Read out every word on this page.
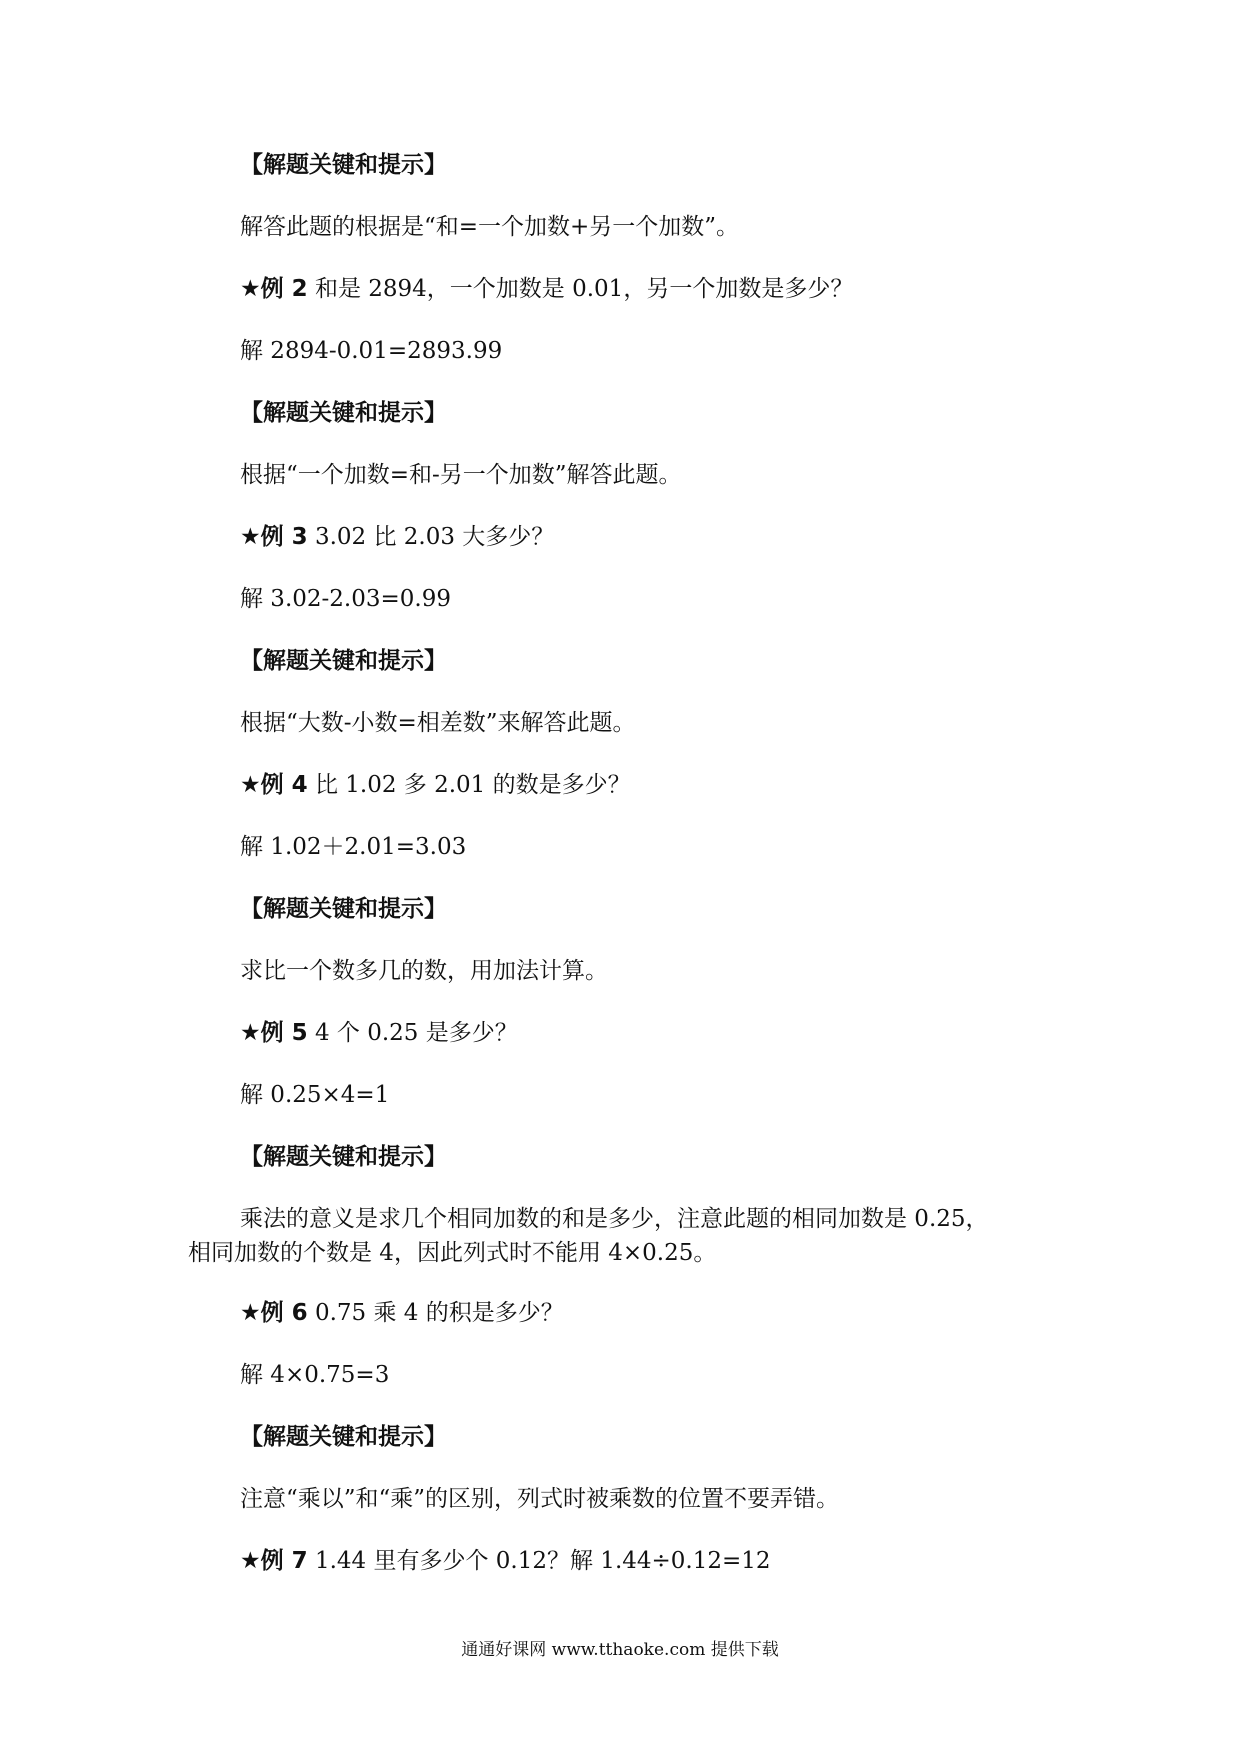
【解题关键和提示】
解答此题的根据是“和=一个加数+另一个加数”。
★例 2 和是 2894，一个加数是 0.01，另一个加数是多少？
解 2894-0.01=2893.99
【解题关键和提示】
根据“一个加数=和-另一个加数”解答此题。
★例 3 3.02 比 2.03 大多少？
解 3.02-2.03=0.99
【解题关键和提示】
根据“大数-小数=相差数”来解答此题。
★例 4 比 1.02 多 2.01 的数是多少？
解 1.02＋2.01=3.03
【解题关键和提示】
求比一个数多几的数，用加法计算。
★例 5 4 个 0.25 是多少？
解 0.25×4=1
【解题关键和提示】
乘法的意义是求几个相同加数的和是多少，注意此题的相同加数是 0.25，
相同加数的个数是 4，因此列式时不能用 4×0.25。
★例 6 0.75 乘 4 的积是多少？
解 4×0.75=3
【解题关键和提示】
注意“乘以”和“乘”的区别，列式时被乘数的位置不要弄错。
★例 7 1.44 里有多少个 0.12？解 1.44÷0.12=12
通通好课网 www.tthaoke.com 提供下载
